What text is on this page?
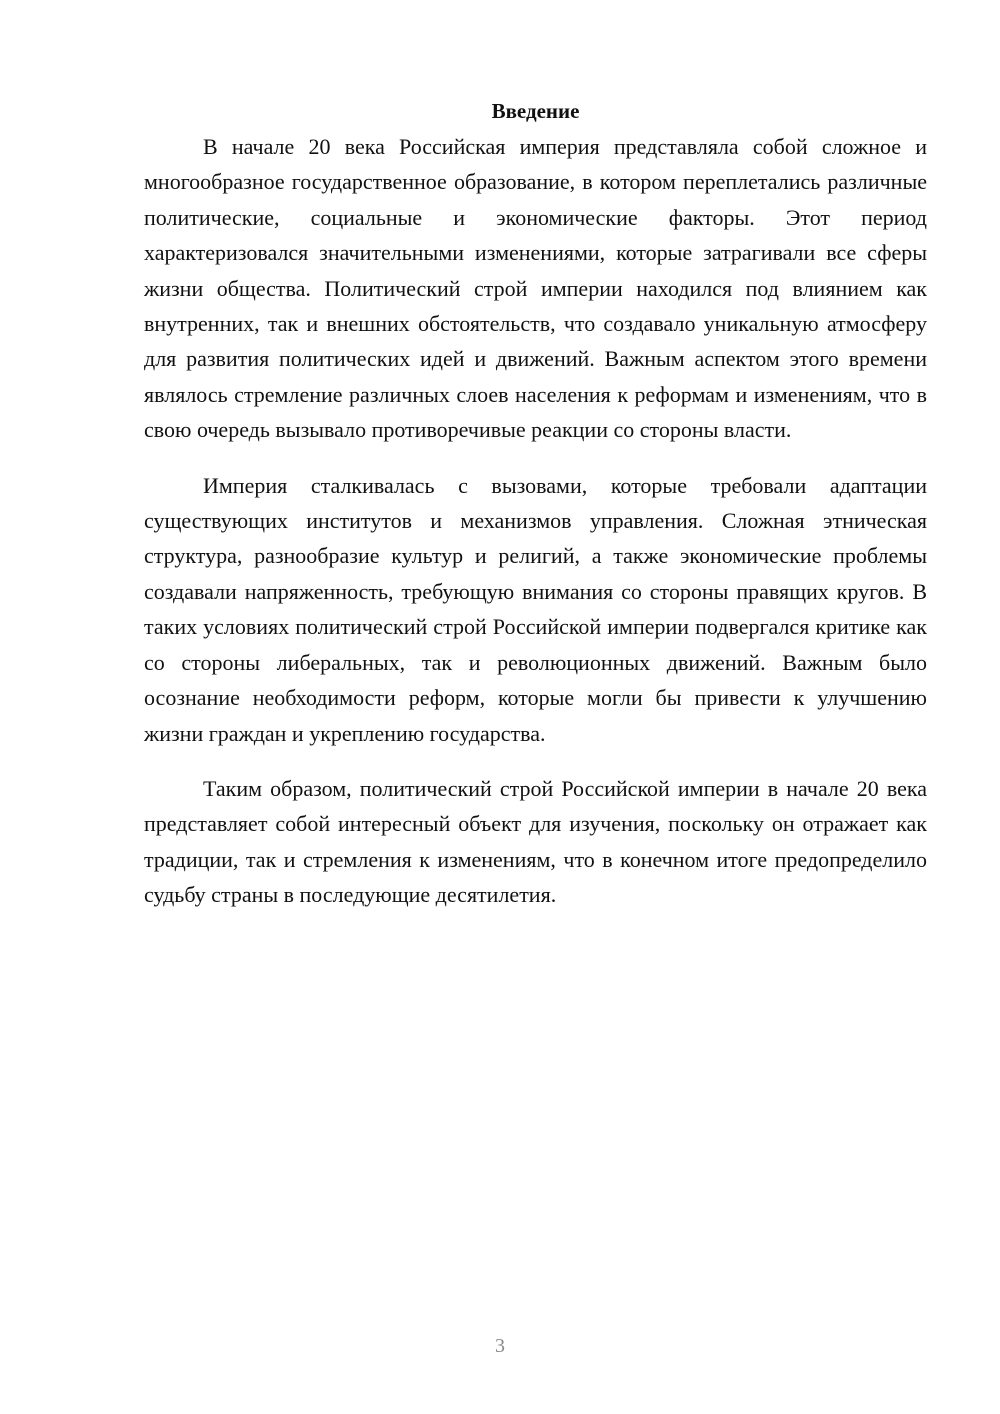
Введение

В начале 20 века Российская империя представляла собой сложное и многообразное государственное образование, в котором переплетались различные политические, социальные и экономические факторы. Этот период характеризовался значительными изменениями, которые затрагивали все сферы жизни общества. Политический строй империи находился под влиянием как внутренних, так и внешних обстоятельств, что создавало уникальную атмосферу для развития политических идей и движений. Важным аспектом этого времени являлось стремление различных слоев населения к реформам и изменениям, что в свою очередь вызывало противоречивые реакции со стороны власти.

Империя сталкивалась с вызовами, которые требовали адаптации существующих институтов и механизмов управления. Сложная этническая структура, разнообразие культур и религий, а также экономические проблемы создавали напряженность, требующую внимания со стороны правящих кругов. В таких условиях политический строй Российской империи подвергался критике как со стороны либеральных, так и революционных движений. Важным было осознание необходимости реформ, которые могли бы привести к улучшению жизни граждан и укреплению государства.

Таким образом, политический строй Российской империи в начале 20 века представляет собой интересный объект для изучения, поскольку он отражает как традиции, так и стремления к изменениям, что в конечном итоге предопределило судьбу страны в последующие десятилетия.

3
